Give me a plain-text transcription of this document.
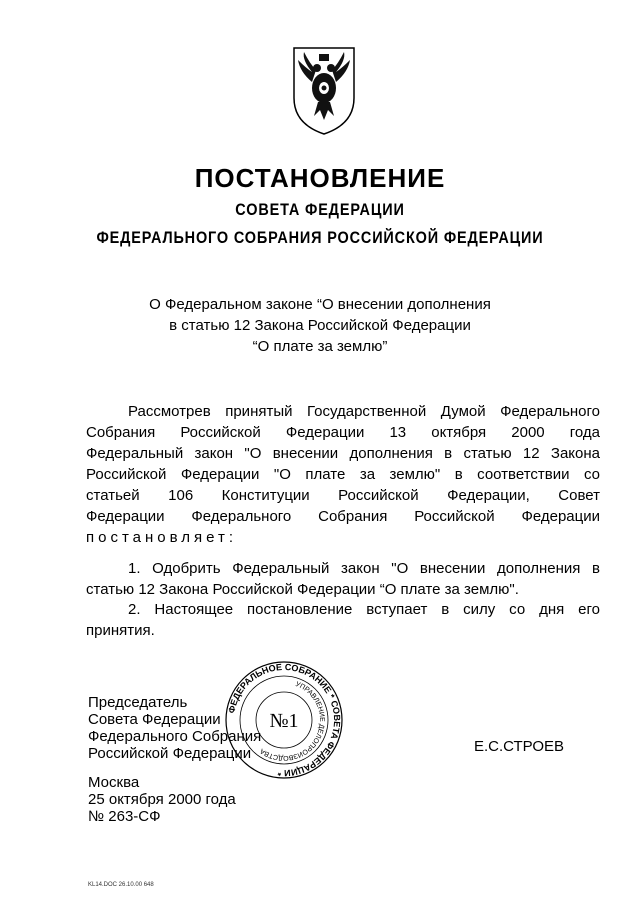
ПОСТАНОВЛЕНИЕ
СОВЕТА ФЕДЕРАЦИИ
ФЕДЕРАЛЬНОГО СОБРАНИЯ РОССИЙСКОЙ ФЕДЕРАЦИИ
О Федеральном законе “О внесении дополнения
в статью 12 Закона Российской Федерации
“О плате за землю”
Рассмотрев принятый Государственной Думой Федерального
Собрания Российской Федерации 13 октября 2000 года
Федеральный закон "О внесении дополнения в статью 12 Закона
Российской Федерации "О плате за землю" в соответствии со
статьей 106 Конституции Российской Федерации, Совет
Федерации Федерального Собрания Российской Федерации
постановляет:
1. Одобрить Федеральный закон "О внесении дополнения в
статью 12 Закона Российской Федерации “О плате за землю".
2. Настоящее постановление вступает в силу со дня его
принятия.
Председатель
Совета Федерации
Федерального Собрания
Российской Федерации	Е.С.СТРОЕВ
ФЕДЕРАЛЬНОЕ СОБРАНИЕ * СОВЕТА ФЕДЕРАЦИИ *
УПРАВЛЕНИЕ ДЕЛОПРОИЗВОДСТВА
№1
Москва
25 октября 2000 года
№ 263-СФ
KL14.DOC 26.10.00 648
